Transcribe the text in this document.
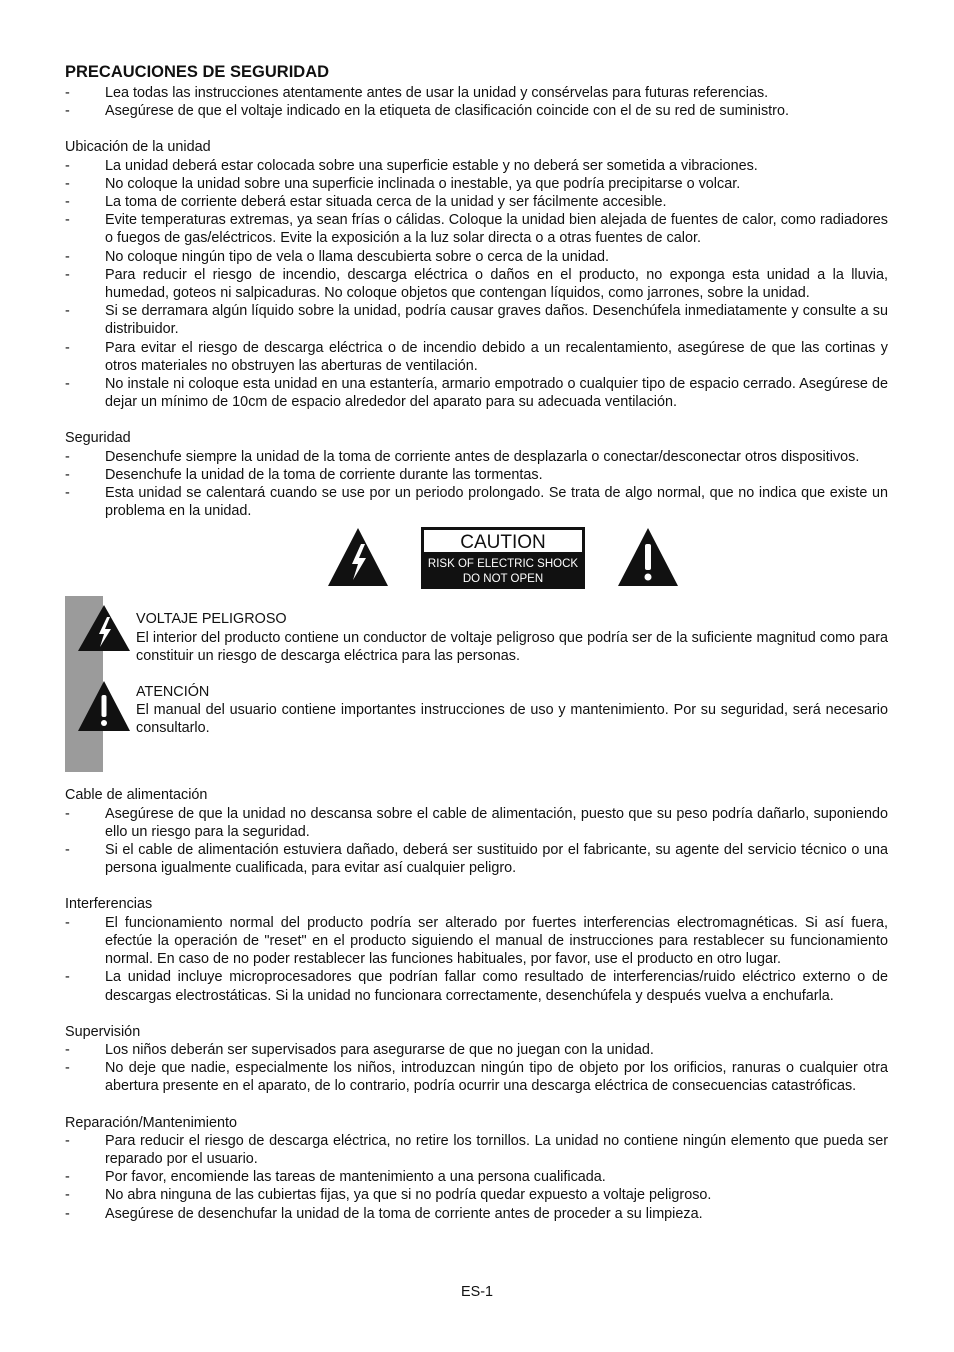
PRECAUCIONES DE SEGURIDAD
- Lea todas las instrucciones atentamente antes de usar la unidad y consérvelas para futuras referencias.
- Asegúrese de que el voltaje indicado en la etiqueta de clasificación coincide con el de su red de suministro.
Ubicación de la unidad
- La unidad deberá estar colocada sobre una superficie estable y no deberá ser sometida a vibraciones.
- No coloque la unidad sobre una superficie inclinada o inestable, ya que podría precipitarse o volcar.
- La toma de corriente deberá estar situada cerca de la unidad y ser fácilmente accesible.
- Evite temperaturas extremas, ya sean frías o cálidas. Coloque la unidad bien alejada de fuentes de calor, como radiadores o fuegos de gas/eléctricos. Evite la exposición a la luz solar directa o a otras fuentes de calor.
- No coloque ningún tipo de vela o llama descubierta sobre o cerca de la unidad.
- Para reducir el riesgo de incendio, descarga eléctrica o daños en el producto, no exponga esta unidad a la lluvia, humedad, goteos ni salpicaduras. No coloque objetos que contengan líquidos, como jarrones, sobre la unidad.
- Si se derramara algún líquido sobre la unidad, podría causar graves daños. Desenchúfela inmediatamente y consulte a su distribuidor.
- Para evitar el riesgo de descarga eléctrica o de incendio debido a un recalentamiento, asegúrese de que las cortinas y otros materiales no obstruyen las aberturas de ventilación.
- No instale ni coloque esta unidad en una estantería, armario empotrado o cualquier tipo de espacio cerrado. Asegúrese de dejar un mínimo de 10cm de espacio alrededor del aparato para su adecuada ventilación.
Seguridad
- Desenchufe siempre la unidad de la toma de corriente antes de desplazarla o conectar/desconectar otros dispositivos.
- Desenchufe la unidad de la toma de corriente durante las tormentas.
- Esta unidad se calentará cuando se use por un periodo prolongado. Se trata de algo normal, que no indica que existe un problema en la unidad.
CAUTION
RISK OF ELECTRIC SHOCK
DO NOT OPEN

VOLTAJE PELIGROSO

El interior del producto contiene un conductor de voltaje peligroso que podría ser de la suficiente magnitud como para constituir un riesgo de descarga eléctrica para las personas.

ATENCIÓN

El manual del usuario contiene importantes instrucciones de uso y mantenimiento. Por su seguridad, será necesario consultarlo.

Cable de alimentación
- Asegúrese de que la unidad no descansa sobre el cable de alimentación, puesto que su peso podría dañarlo, suponiendo ello un riesgo para la seguridad.
- Si el cable de alimentación estuviera dañado, deberá ser sustituido por el fabricante, su agente del servicio técnico o una persona igualmente cualificada, para evitar así cualquier peligro.
Interferencias
- El funcionamiento normal del producto podría ser alterado por fuertes interferencias electromagnéticas. Si así fuera, efectúe la operación de "reset" en el producto siguiendo el manual de instrucciones para restablecer su funcionamiento normal. En caso de no poder restablecer las funciones habituales, por favor, use el producto en otro lugar.
- La unidad incluye microprocesadores que podrían fallar como resultado de interferencias/ruido eléctrico externo o de descargas electrostáticas. Si la unidad no funcionara correctamente, desenchúfela y después vuelva a enchufarla.
Supervisión
- Los niños deberán ser supervisados para asegurarse de que no juegan con la unidad.
- No deje que nadie, especialmente los niños, introduzcan ningún tipo de objeto por los orificios, ranuras o cualquier otra abertura presente en el aparato, de lo contrario, podría ocurrir una descarga eléctrica de consecuencias catastróficas.
Reparación/Mantenimiento
- Para reducir el riesgo de descarga eléctrica, no retire los tornillos. La unidad no contiene ningún elemento que pueda ser reparado por el usuario.
- Por favor, encomiende las tareas de mantenimiento a una persona cualificada.
- No abra ninguna de las cubiertas fijas, ya que si no podría quedar expuesto a voltaje peligroso.
- Asegúrese de desenchufar la unidad de la toma de corriente antes de proceder a su limpieza.
ES-1
